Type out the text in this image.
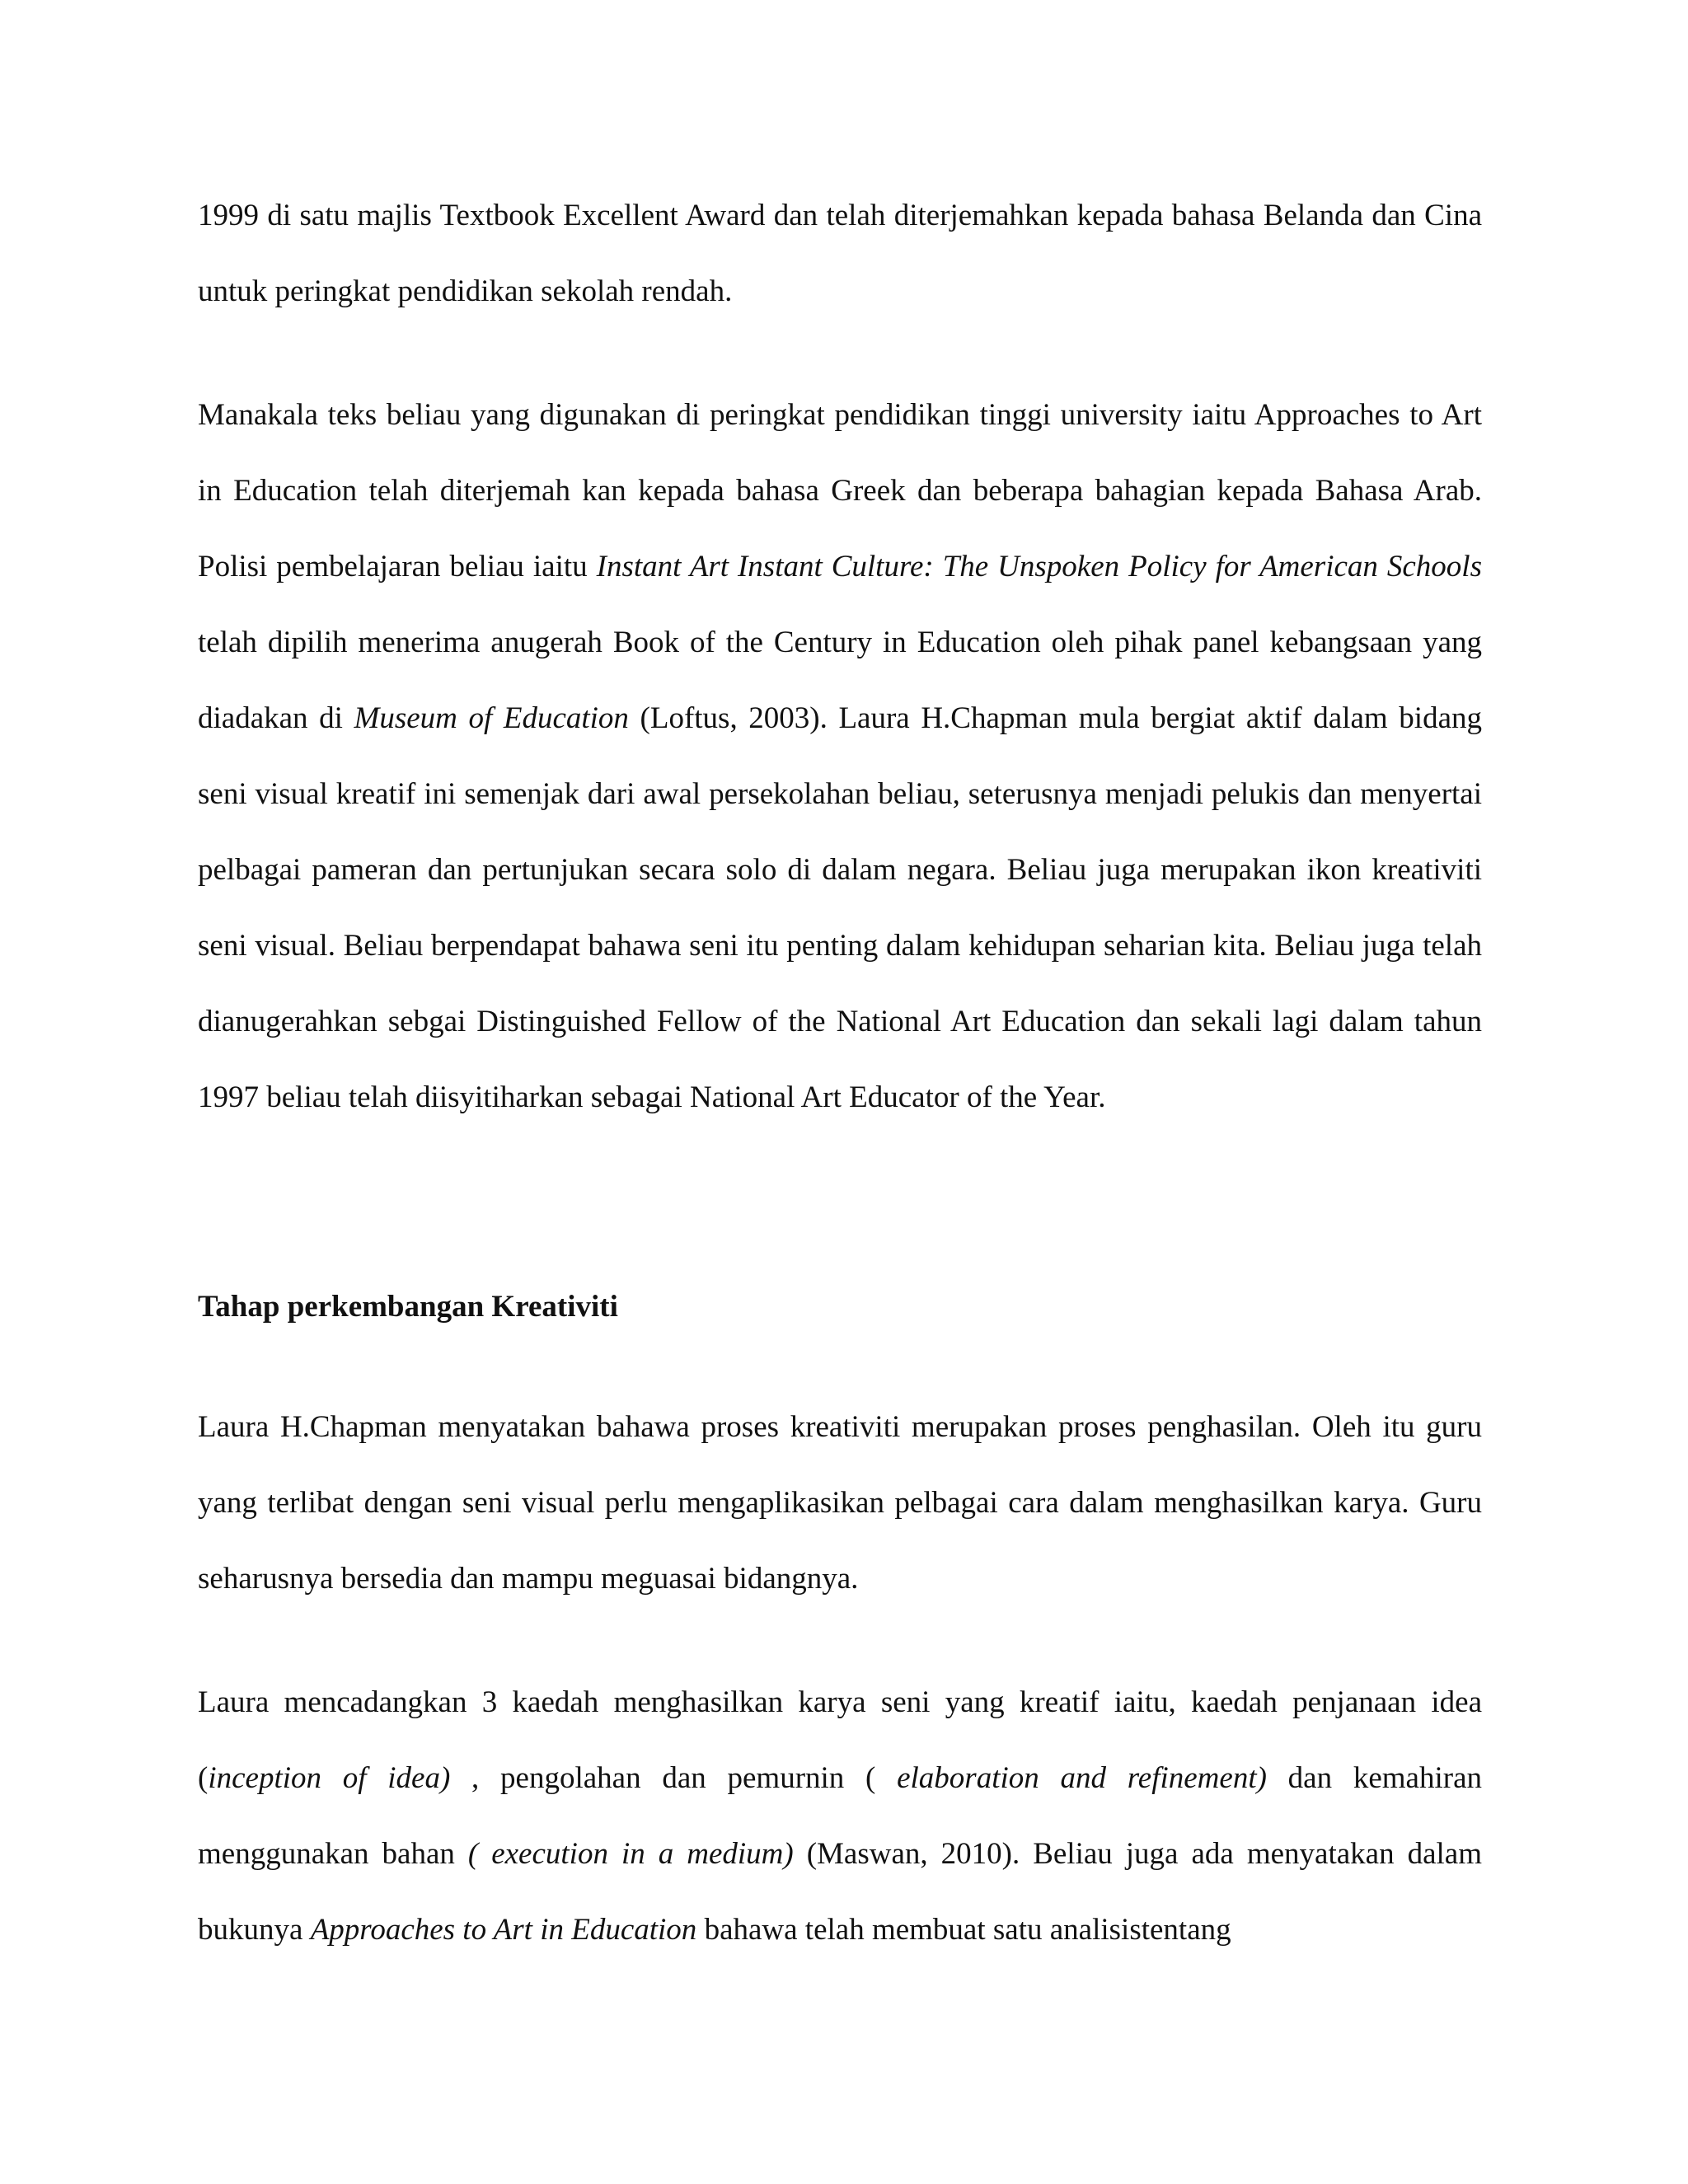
1999 di satu majlis Textbook Excellent Award dan telah diterjemahkan kepada bahasa Belanda dan Cina untuk peringkat pendidikan sekolah rendah.

Manakala teks beliau yang digunakan di peringkat pendidikan tinggi university iaitu Approaches to Art in Education telah diterjemah kan kepada bahasa Greek dan beberapa bahagian kepada Bahasa Arab. Polisi pembelajaran beliau iaitu Instant Art Instant Culture: The Unspoken Policy for American Schools telah dipilih menerima anugerah Book of the Century in Education oleh pihak panel kebangsaan yang diadakan di Museum of Education (Loftus, 2003). Laura H.Chapman mula bergiat aktif dalam bidang seni visual kreatif ini semenjak dari awal persekolahan beliau, seterusnya menjadi pelukis dan menyertai pelbagai pameran dan pertunjukan secara solo di dalam negara. Beliau juga merupakan ikon kreativiti seni visual. Beliau berpendapat bahawa seni itu penting dalam kehidupan seharian kita. Beliau juga telah dianugerahkan sebgai Distinguished Fellow of the National Art Education dan sekali lagi dalam tahun 1997 beliau telah diisyitiharkan sebagai National Art Educator of the Year.

Tahap perkembangan Kreativiti

Laura H.Chapman menyatakan bahawa proses kreativiti merupakan proses penghasilan. Oleh itu guru yang terlibat dengan seni visual perlu mengaplikasikan pelbagai cara dalam menghasilkan karya. Guru seharusnya bersedia dan mampu meguasai bidangnya.

Laura mencadangkan 3 kaedah menghasilkan karya seni yang kreatif iaitu, kaedah penjanaan idea (inception of idea) , pengolahan dan pemurnin ( elaboration and refinement) dan kemahiran menggunakan bahan ( execution in a medium) (Maswan, 2010). Beliau juga ada menyatakan dalam bukunya Approaches to Art in Education bahawa telah membuat satu analisistentang
